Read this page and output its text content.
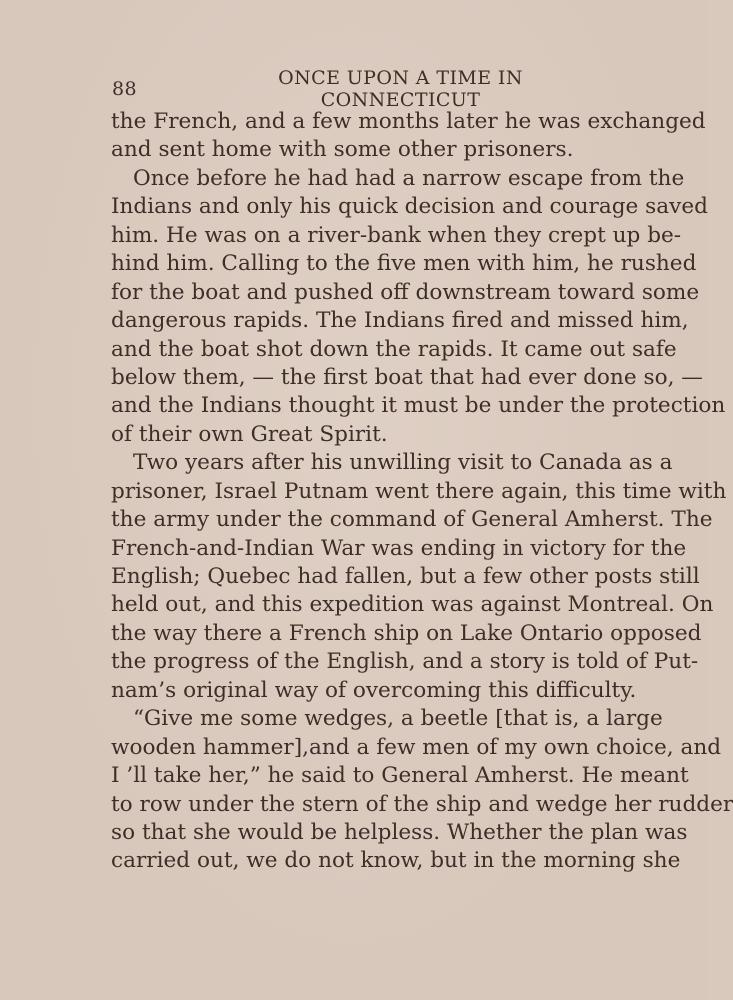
88	ONCE UPON A TIME IN CONNECTICUT
the French, and a few months later he was exchanged
and sent home with some other prisoners.
Once before he had had a narrow escape from the
Indians and only his quick decision and courage saved
him. He was on a river-bank when they crept up be-
hind him. Calling to the five men with him, he rushed
for the boat and pushed off downstream toward some
dangerous rapids. The Indians fired and missed him,
and the boat shot down the rapids. It came out safe
below them, — the first boat that had ever done so, —
and the Indians thought it must be under the protection
of their own Great Spirit.
Two years after his unwilling visit to Canada as a
prisoner, Israel Putnam went there again, this time with
the army under the command of General Amherst. The
French-and-Indian War was ending in victory for the
English; Quebec had fallen, but a few other posts still
held out, and this expedition was against Montreal. On
the way there a French ship on Lake Ontario opposed
the progress of the English, and a story is told of Put-
nam’s original way of overcoming this difficulty.
“Give me some wedges, a beetle [that is, a large
wooden hammer],and a few men of my own choice, and
I ’ll take her,” he said to General Amherst. He meant
to row under the stern of the ship and wedge her rudder
so that she would be helpless. Whether the plan was
carried out, we do not know, but in the morning she
